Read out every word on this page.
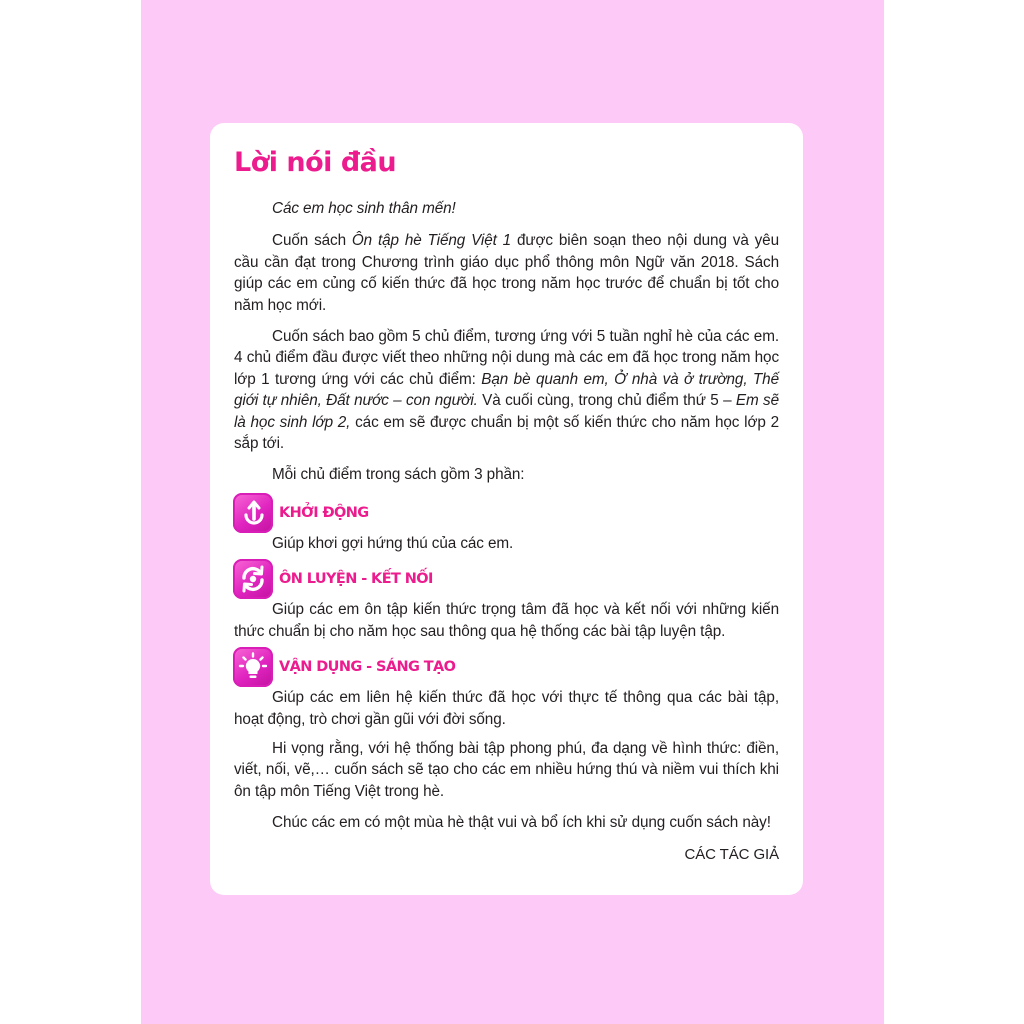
Lời nói đầu

Các em học sinh thân mến!

Cuốn sách Ôn tập hè Tiếng Việt 1 được biên soạn theo nội dung và yêu cầu cần đạt trong Chương trình giáo dục phổ thông môn Ngữ văn 2018. Sách giúp các em củng cố kiến thức đã học trong năm học trước để chuẩn bị tốt cho năm học mới.

Cuốn sách bao gồm 5 chủ điểm, tương ứng với 5 tuần nghỉ hè của các em. 4 chủ điểm đầu được viết theo những nội dung mà các em đã học trong năm học lớp 1 tương ứng với các chủ điểm: Bạn bè quanh em, Ở nhà và ở trường, Thế giới tự nhiên, Đất nước – con người. Và cuối cùng, trong chủ điểm thứ 5 – Em sẽ là học sinh lớp 2, các em sẽ được chuẩn bị một số kiến thức cho năm học lớp 2 sắp tới.

Mỗi chủ điểm trong sách gồm 3 phần:

KHỞI ĐỘNG

Giúp khơi gợi hứng thú của các em.

ÔN LUYỆN - KẾT NỐI

Giúp các em ôn tập kiến thức trọng tâm đã học và kết nối với những kiến thức chuẩn bị cho năm học sau thông qua hệ thống các bài tập luyện tập.

VẬN DỤNG - SÁNG TẠO

Giúp các em liên hệ kiến thức đã học với thực tế thông qua các bài tập, hoạt động, trò chơi gần gũi với đời sống.

Hi vọng rằng, với hệ thống bài tập phong phú, đa dạng về hình thức: điền, viết, nối, vẽ,… cuốn sách sẽ tạo cho các em nhiều hứng thú và niềm vui thích khi ôn tập môn Tiếng Việt trong hè.

Chúc các em có một mùa hè thật vui và bổ ích khi sử dụng cuốn sách này!

CÁC TÁC GIẢ
